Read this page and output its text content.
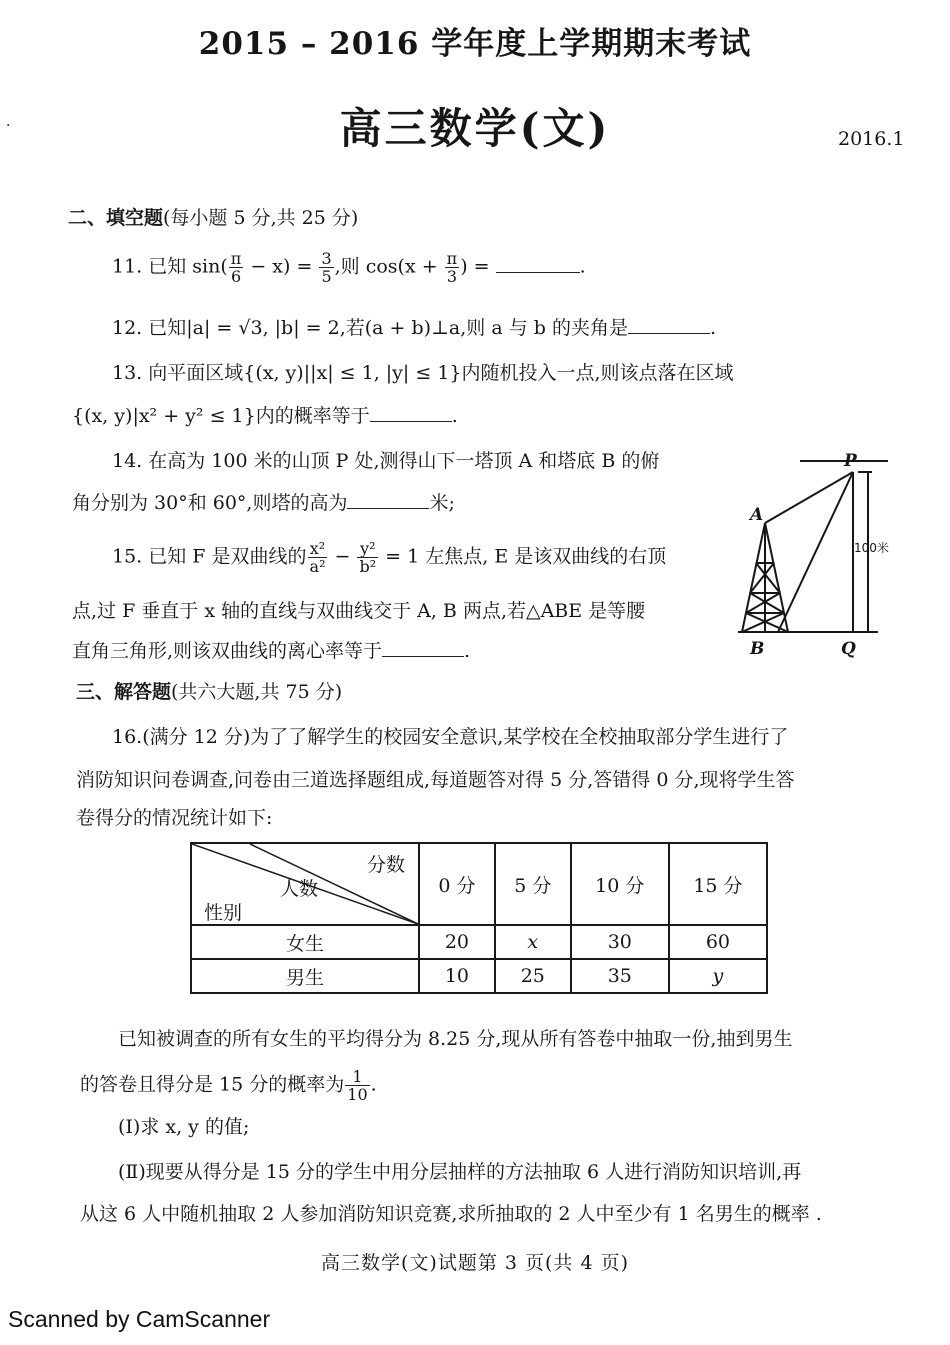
2015 – 2016 学年度上学期期末考试
高三数学(文)	2016.1
·
二、填空题(每小题 5 分,共 25 分)
11. 已知 $\sin( \frac{\pi}{6} - x) = \frac{3}{5}$ ,则 $\cos(x + \frac{\pi}{3}$ ) =	.
12. 已知|a| = √3, |b| = 2,若(a + b)⊥a,则 a 与 b 的夹角是	.
13. 向平面区域{(x, y)||x| ≤ 1, |y| ≤ 1}内随机投入一点,则该点落在区域
{(x, y)|x² + y² ≤ 1}内的概率等于	.
14. 在高为 100 米的山顶 P 处,测得山下一塔顶 A 和塔底 B 的俯
角分别为 30°和 60°,则塔的高为	米;
15. 已知 F 是双曲线的 $\frac{\text{x²}}{\text{a²}} - \frac{\text{y²}}{\text{b²}} = 1$ 左焦点, E 是该双曲线的右顶
点,过 F 垂直于 x 轴的直线与双曲线交于 A, B 两点,若△ABE 是等腰
直角三角形,则该双曲线的离心率等于	.
P
A
B	Q
100米
三、解答题(共六大题,共 75 分)
16.(满分 12 分)为了了解学生的校园安全意识,某学校在全校抽取部分学生进行了
消防知识问卷调查,问卷由三道选择题组成,每道题答对得 5 分,答错得 0 分,现将学生答
卷得分的情况统计如下:
分数
人数
性别	0 分	5 分	10 分	15 分
女生	20	x	30	60
男生	10	25	35	y
已知被调查的所有女生的平均得分为 8.25 分,现从所有答卷中抽取一份,抽到男生
的答卷且得分是 15 分的概率为 $\frac{1}{10}$ .
(Ⅰ)求 x, y 的值;
(Ⅱ)现要从得分是 15 分的学生中用分层抽样的方法抽取 6 人进行消防知识培训,再
从这 6 人中随机抽取 2 人参加消防知识竞赛,求所抽取的 2 人中至少有 1 名男生的概率 .
高三数学(文)试题第 3 页(共 4 页)
Scanned by CamScanner
